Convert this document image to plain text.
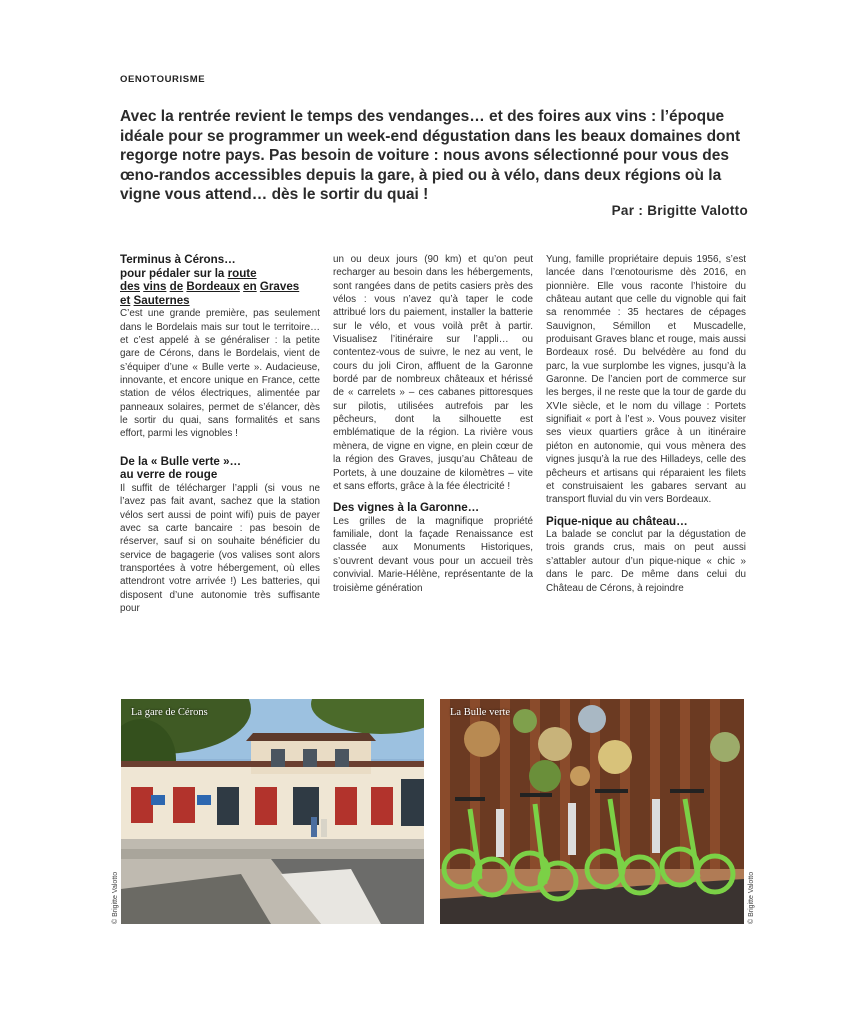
OENOTOURISME
Avec la rentrée revient le temps des vendanges… et des foires aux vins : l’époque idéale pour se programmer un week-end dégustation dans les beaux domaines dont regorge notre pays. Pas besoin de voiture : nous avons sélectionné pour vous des œno-randos accessibles depuis la gare, à pied ou à vélo, dans deux régions où la vigne vous attend… dès le sortir du quai !
Par : Brigitte Valotto
Terminus à Cérons…
pour pédaler sur la route
des vins de Bordeaux en Graves
et Sauternes

C’est une grande première, pas seulement dans le Bordelais mais sur tout le territoire… et c’est appelé à se généraliser : la petite gare de Cérons, dans le Bordelais, vient de s’équiper d’une « Bulle verte ». Audacieuse, innovante, et encore unique en France, cette station de vélos électriques, alimentée par panneaux solaires, permet de s’élancer, dès le sortir du quai, sans formalités et sans effort, parmi les vignobles !

De la « Bulle verte »…
au verre de rouge

Il suffit de télécharger l’appli (si vous ne l’avez pas fait avant, sachez que la station vélos sert aussi de point wifi) puis de payer avec sa carte bancaire : pas besoin de réserver, sauf si on souhaite bénéficier du service de bagagerie (vos valises sont alors transportées à votre hébergement, où elles attendront votre arrivée !) Les batteries, qui disposent d’une autonomie très suffisante pour

un ou deux jours (90 km) et qu’on peut recharger au besoin dans les hébergements, sont rangées dans de petits casiers près des vélos : vous n’avez qu’à taper le code attribué lors du paiement, installer la batterie sur le vélo, et vous voilà prêt à partir. Visualisez l’itinéraire sur l’appli… ou contentez-vous de suivre, le nez au vent, le cours du joli Ciron, affluent de la Garonne bordé par de nombreux châteaux et hérissé de « carrelets » – ces cabanes pittoresques sur pilotis, utilisées autrefois par les pêcheurs, dont la silhouette est emblématique de la région. La rivière vous mènera, de vigne en vigne, en plein cœur de la région des Graves, jusqu’au Château de Portets, à une douzaine de kilomètres – vite et sans efforts, grâce à la fée électricité !

Des vignes à la Garonne…

Les grilles de la magnifique propriété familiale, dont la façade Renaissance est classée aux Monuments Historiques, s’ouvrent devant vous pour un accueil très convivial. Marie-Hélène, représentante de la troisième génération

Yung, famille propriétaire depuis 1956, s’est lancée dans l’œnotourisme dès 2016, en pionnière. Elle vous raconte l’histoire du château autant que celle du vignoble qui fait sa renommée : 35 hectares de cépages Sauvignon, Sémillon et Muscadelle, produisant Graves blanc et rouge, mais aussi Bordeaux rosé. Du belvédère au fond du parc, la vue surplombe les vignes, jusqu’à la Garonne. De l’ancien port de commerce sur les berges, il ne reste que la tour de garde du XVIe siècle, et le nom du village : Portets signifiait « port à l’est ». Vous pouvez visiter ses vieux quartiers grâce à un itinéraire piéton en autonomie, qui vous mènera des vignes jusqu’à la rue des Hilladeys, celle des pêcheurs et artisans qui réparaient les filets et construisaient les gabares servant au transport fluvial du vin vers Bordeaux.

Pique-nique au château…

La balade se conclut par la dégustation de trois grands crus, mais on peut aussi s’attabler autour d’un pique-nique « chic » dans le parc. De même dans celui du Château de Cérons, à rejoindre

La gare de Cérons	La Bulle verte
© Brigitte Valotto	© Brigitte Valotto
